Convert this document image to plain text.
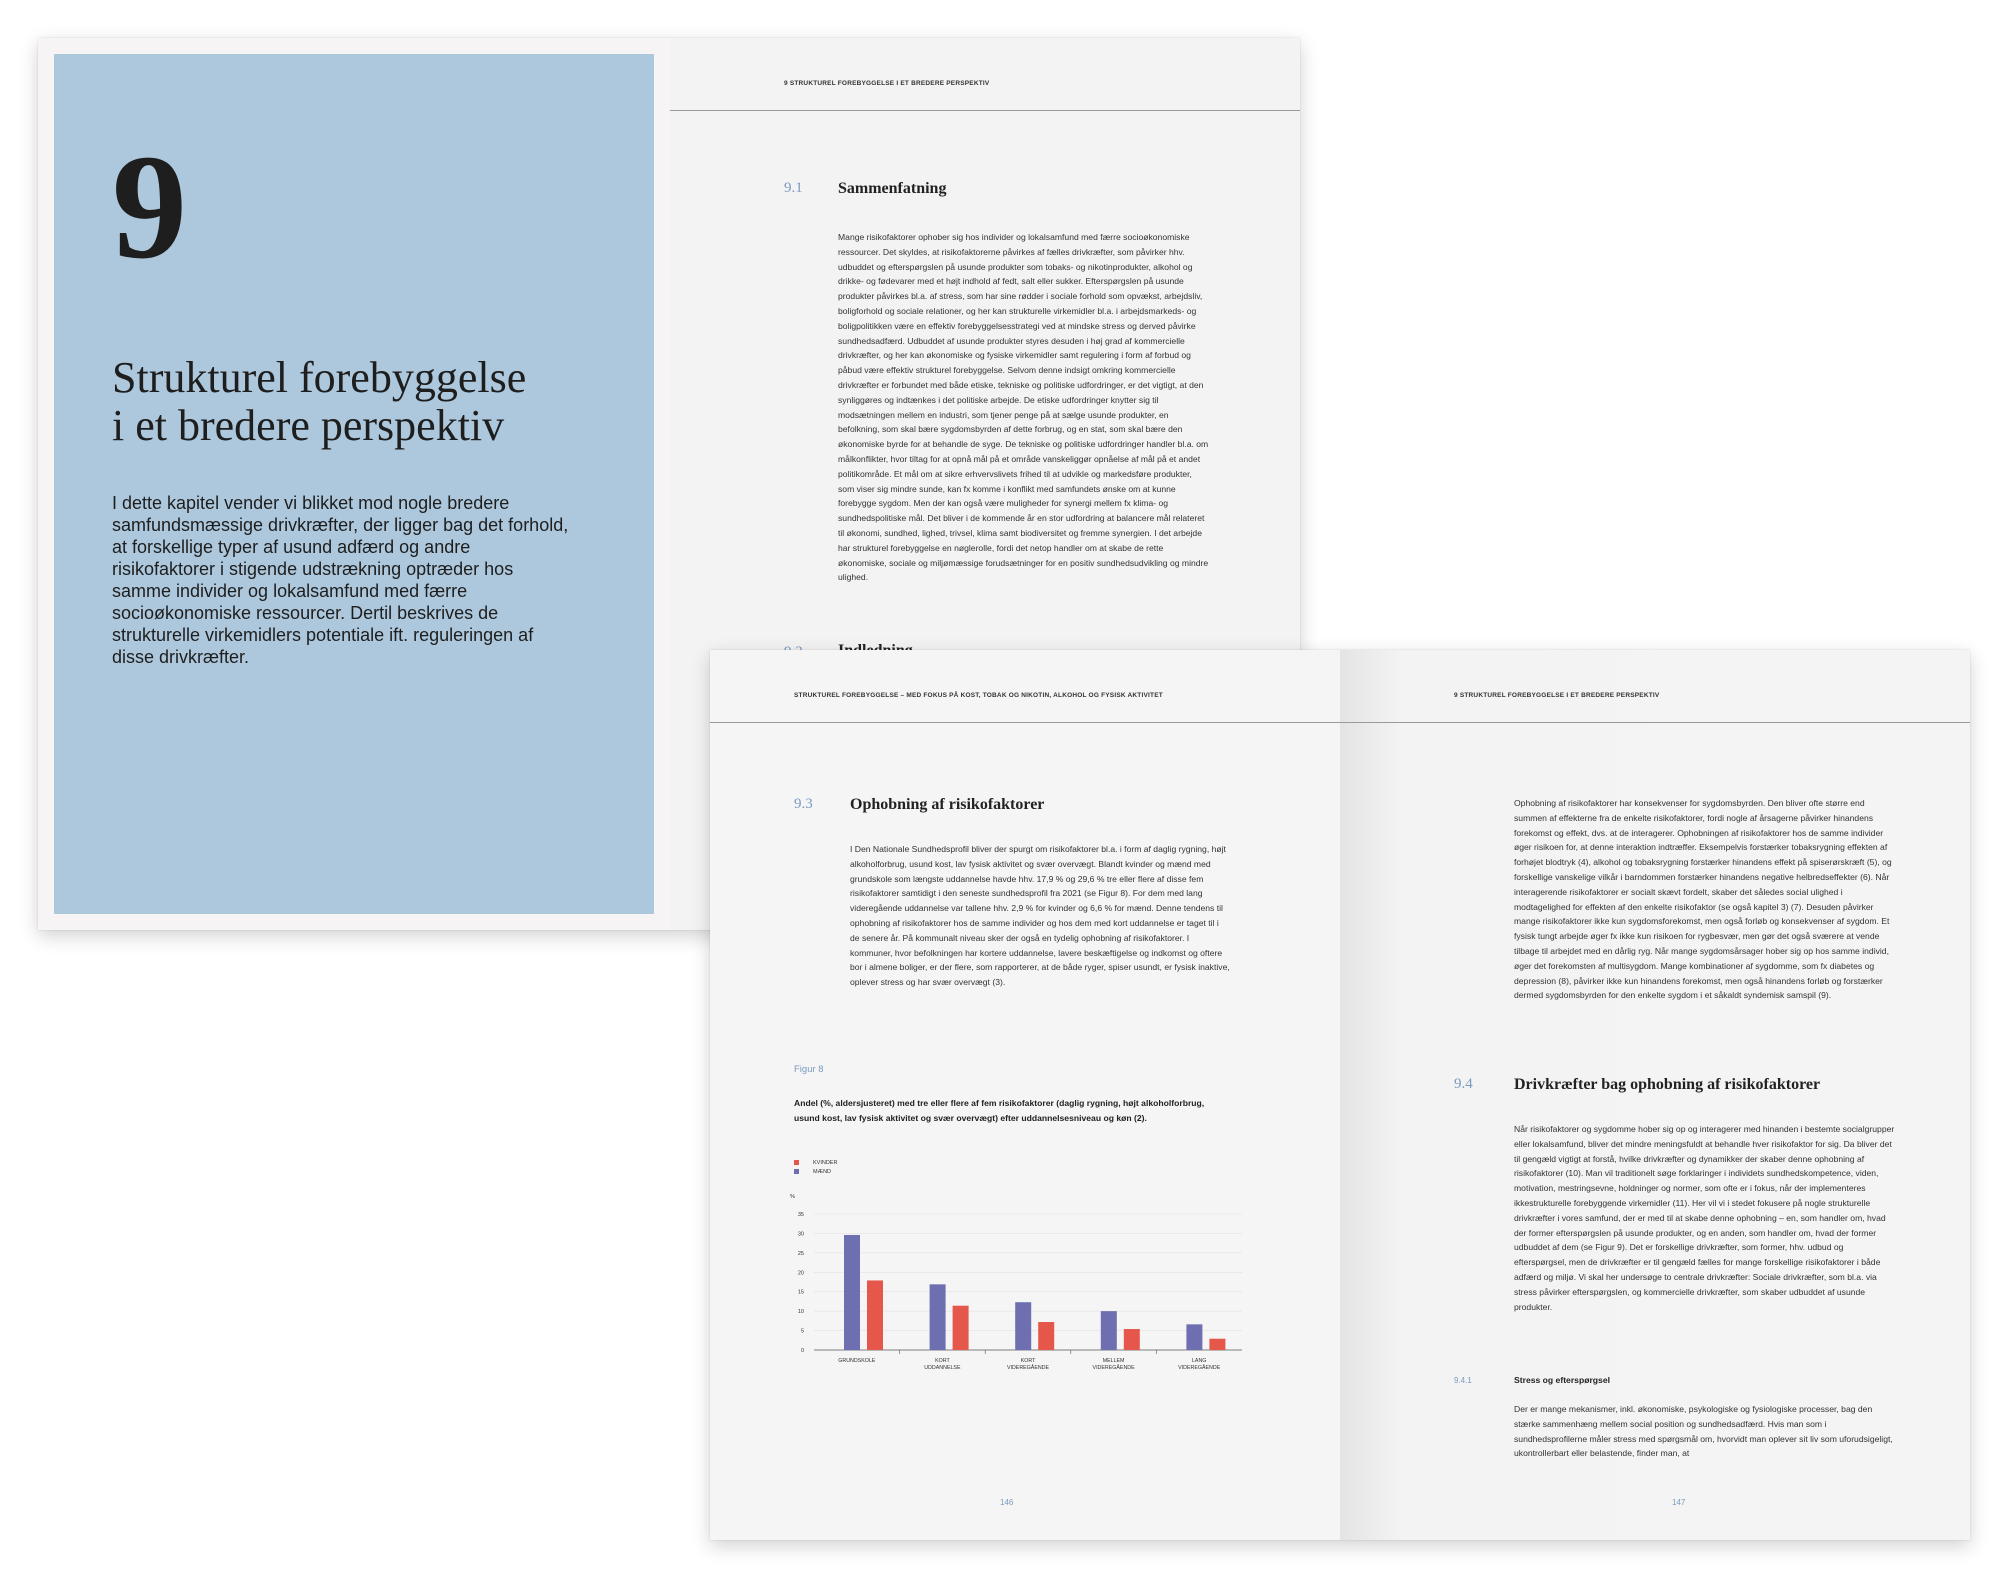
9
Strukturel forebyggelse
i et bredere perspektiv

I dette kapitel vender vi blikket mod nogle bredere samfundsmæssige drivkræfter, der ligger bag det forhold, at forskellige typer af usund adfærd og andre risikofaktorer i stigende udstrækning optræder hos samme individer og lokalsamfund med færre socioøkonomiske ressourcer. Dertil beskrives de strukturelle virkemidlers potentiale ift. reguleringen af disse drivkræfter.

9 STRUKTUREL FOREBYGGELSE I ET BREDERE PERSPEKTIV
9.1 Sammenfatning

Mange risikofaktorer ophober sig hos individer og lokalsamfund med færre socioøkonomiske ressourcer. Det skyldes, at risikofaktorerne påvirkes af fælles drivkræfter, som påvirker hhv. udbuddet og efterspørgslen på usunde produkter som tobaks- og nikotinprodukter, alkohol og drikke- og fødevarer med et højt indhold af fedt, salt eller sukker. Efterspørgslen på usunde produkter påvirkes bl.a. af stress, som har sine rødder i sociale forhold som opvækst, arbejdsliv, boligforhold og sociale relationer, og her kan strukturelle virkemidler bl.a. i arbejdsmarkeds- og boligpolitikken være en effektiv forebyggelsesstrategi ved at mindske stress og derved påvirke sundhedsadfærd. Udbuddet af usunde produkter styres desuden i høj grad af kommercielle drivkræfter, og her kan økonomiske og fysiske virkemidler samt regulering i form af forbud og påbud være effektiv strukturel forebyggelse. Selvom denne indsigt omkring kommercielle drivkræfter er forbundet med både etiske, tekniske og politiske udfordringer, er det vigtigt, at den synliggøres og indtænkes i det politiske arbejde. De etiske udfordringer knytter sig til modsætningen mellem en industri, som tjener penge på at sælge usunde produkter, en befolkning, som skal bære sygdomsbyrden af dette forbrug, og en stat, som skal bære den økonomiske byrde for at behandle de syge. De tekniske og politiske udfordringer handler bl.a. om målkonflikter, hvor tiltag for at opnå mål på et område vanskeliggør opnåelse af mål på et andet politikområde. Et mål om at sikre erhvervslivets frihed til at udvikle og markedsføre produkter, som viser sig mindre sunde, kan fx komme i konflikt med samfundets ønske om at kunne forebygge sygdom. Men der kan også være muligheder for synergi mellem fx klima- og sundhedspolitiske mål. Det bliver i de kommende år en stor udfordring at balancere mål relateret til økonomi, sundhed, lighed, trivsel, klima samt biodiversitet og fremme synergien. I det arbejde har strukturel forebyggelse en nøglerolle, fordi det netop handler om at skabe de rette økonomiske, sociale og miljømæssige forudsætninger for en positiv sundhedsudvikling og mindre ulighed.

STRUKTUREL FOREBYGGELSE – MED FOKUS PÅ KOST, TOBAK OG NIKOTIN, ALKOHOL OG FYSISK AKTIVITET
9.3 Ophobning af risikofaktorer

I Den Nationale Sundhedsprofil bliver der spurgt om risikofaktorer bl.a. i form af daglig rygning, højt alkoholforbrug, usund kost, lav fysisk aktivitet og svær overvægt. Blandt kvinder og mænd med grundskole som længste uddannelse havde hhv. 17,9 % og 29,6 % tre eller flere af disse fem risikofaktorer samtidigt i den seneste sundhedsprofil fra 2021 (se Figur 8). For dem med lang videregående uddannelse var tallene hhv. 2,9 % for kvinder og 6,6 % for mænd. Denne tendens til ophobning af risikofaktorer hos de samme individer og hos dem med kort uddannelse er taget til i de senere år. På kommunalt niveau sker der også en tydelig ophobning af risikofaktorer. I kommuner, hvor befolkningen har kortere uddannelse, lavere beskæftigelse og indkomst og oftere bor i almene boliger, er der flere, som rapporterer, at de både ryger, spiser usundt, er fysisk inaktive, oplever stress og har svær overvægt (3).

Figur 8

Andel (%, aldersjusteret) med tre eller flere af fem risikofaktorer (daglig rygning, højt alkoholforbrug, usund kost, lav fysisk aktivitet og svær overvægt) efter uddannelsesniveau og køn (2).

KVINDER
MÆND
%
0
5
10
15
20
25
30
35
GRUNDSKOLE	KORT
UDDANNELSE
KORT
VIDEREGÅENDE
MELLEM
VIDEREGÅENDE
LANG
VIDEREGÅENDE
146
9 STRUKTUREL FOREBYGGELSE I ET BREDERE PERSPEKTIV

Ophobning af risikofaktorer har konsekvenser for sygdomsbyrden. Den bliver ofte større end summen af effekterne fra de enkelte risikofaktorer, fordi nogle af årsagerne påvirker hinandens forekomst og effekt, dvs. at de interagerer. Ophobningen af risikofaktorer hos de samme individer øger risikoen for, at denne interaktion indtræffer. Eksempelvis forstærker tobaksrygning effekten af forhøjet blodtryk (4), alkohol og tobaksrygning forstærker hinandens effekt på spiserørskræft (5), og forskellige vanskelige vilkår i barndommen forstærker hinandens negative helbredseffekter (6). Når interagerende risikofaktorer er socialt skævt fordelt, skaber det således social ulighed i modtagelighed for effekten af den enkelte risikofaktor (se også kapitel 3) (7). Desuden påvirker mange risikofaktorer ikke kun sygdomsforekomst, men også forløb og konsekvenser af sygdom. Et fysisk tungt arbejde øger fx ikke kun risikoen for rygbesvær, men gør det også sværere at vende tilbage til arbejdet med en dårlig ryg. Når mange sygdomsårsager hober sig op hos samme individ, øger det forekomsten af multisygdom. Mange kombinationer af sygdomme, som fx diabetes og depression (8), påvirker ikke kun hinandens forekomst, men også hinandens forløb og forstærker dermed sygdomsbyrden for den enkelte sygdom i et såkaldt syndemisk samspil (9).

9.4	Drivkræfter bag ophobning af risikofaktorer

Når risikofaktorer og sygdomme hober sig op og interagerer med hinanden i bestemte socialgrupper eller lokalsamfund, bliver det mindre meningsfuldt at behandle hver risikofaktor for sig. Da bliver det til gengæld vigtigt at forstå, hvilke drivkræfter og dynamikker der skaber denne ophobning af risikofaktorer (10). Man vil traditionelt søge forklaringer i individets sundhedskompetence, viden, motivation, mestringsevne, holdninger og normer, som ofte er i fokus, når der implementeres ikkestrukturelle forebyggende virkemidler (11). Her vil vi i stedet fokusere på nogle strukturelle drivkræfter i vores samfund, der er med til at skabe denne ophobning – en, som handler om, hvad der former efterspørgslen på usunde produkter, og en anden, som handler om, hvad der former udbuddet af dem (se Figur 9). Det er forskellige drivkræfter, som former, hhv. udbud og efterspørgsel, men de drivkræfter er til gengæld fælles for mange forskellige risikofaktorer i både adfærd og miljø. Vi skal her undersøge to centrale drivkræfter: Sociale drivkræfter, som bl.a. via stress påvirker efterspørgslen, og kommercielle drivkræfter, som skaber udbuddet af usunde produkter.

9.4.1	Stress og efterspørgsel

Der er mange mekanismer, inkl. økonomiske, psykologiske og fysiologiske processer, bag den stærke sammenhæng mellem social position og sundhedsadfærd. Hvis man som i sundhedsprofilerne måler stress med spørgsmål om, hvorvidt man oplever sit liv som uforudsigeligt, ukontrollerbart eller belastende, finder man, at

147
